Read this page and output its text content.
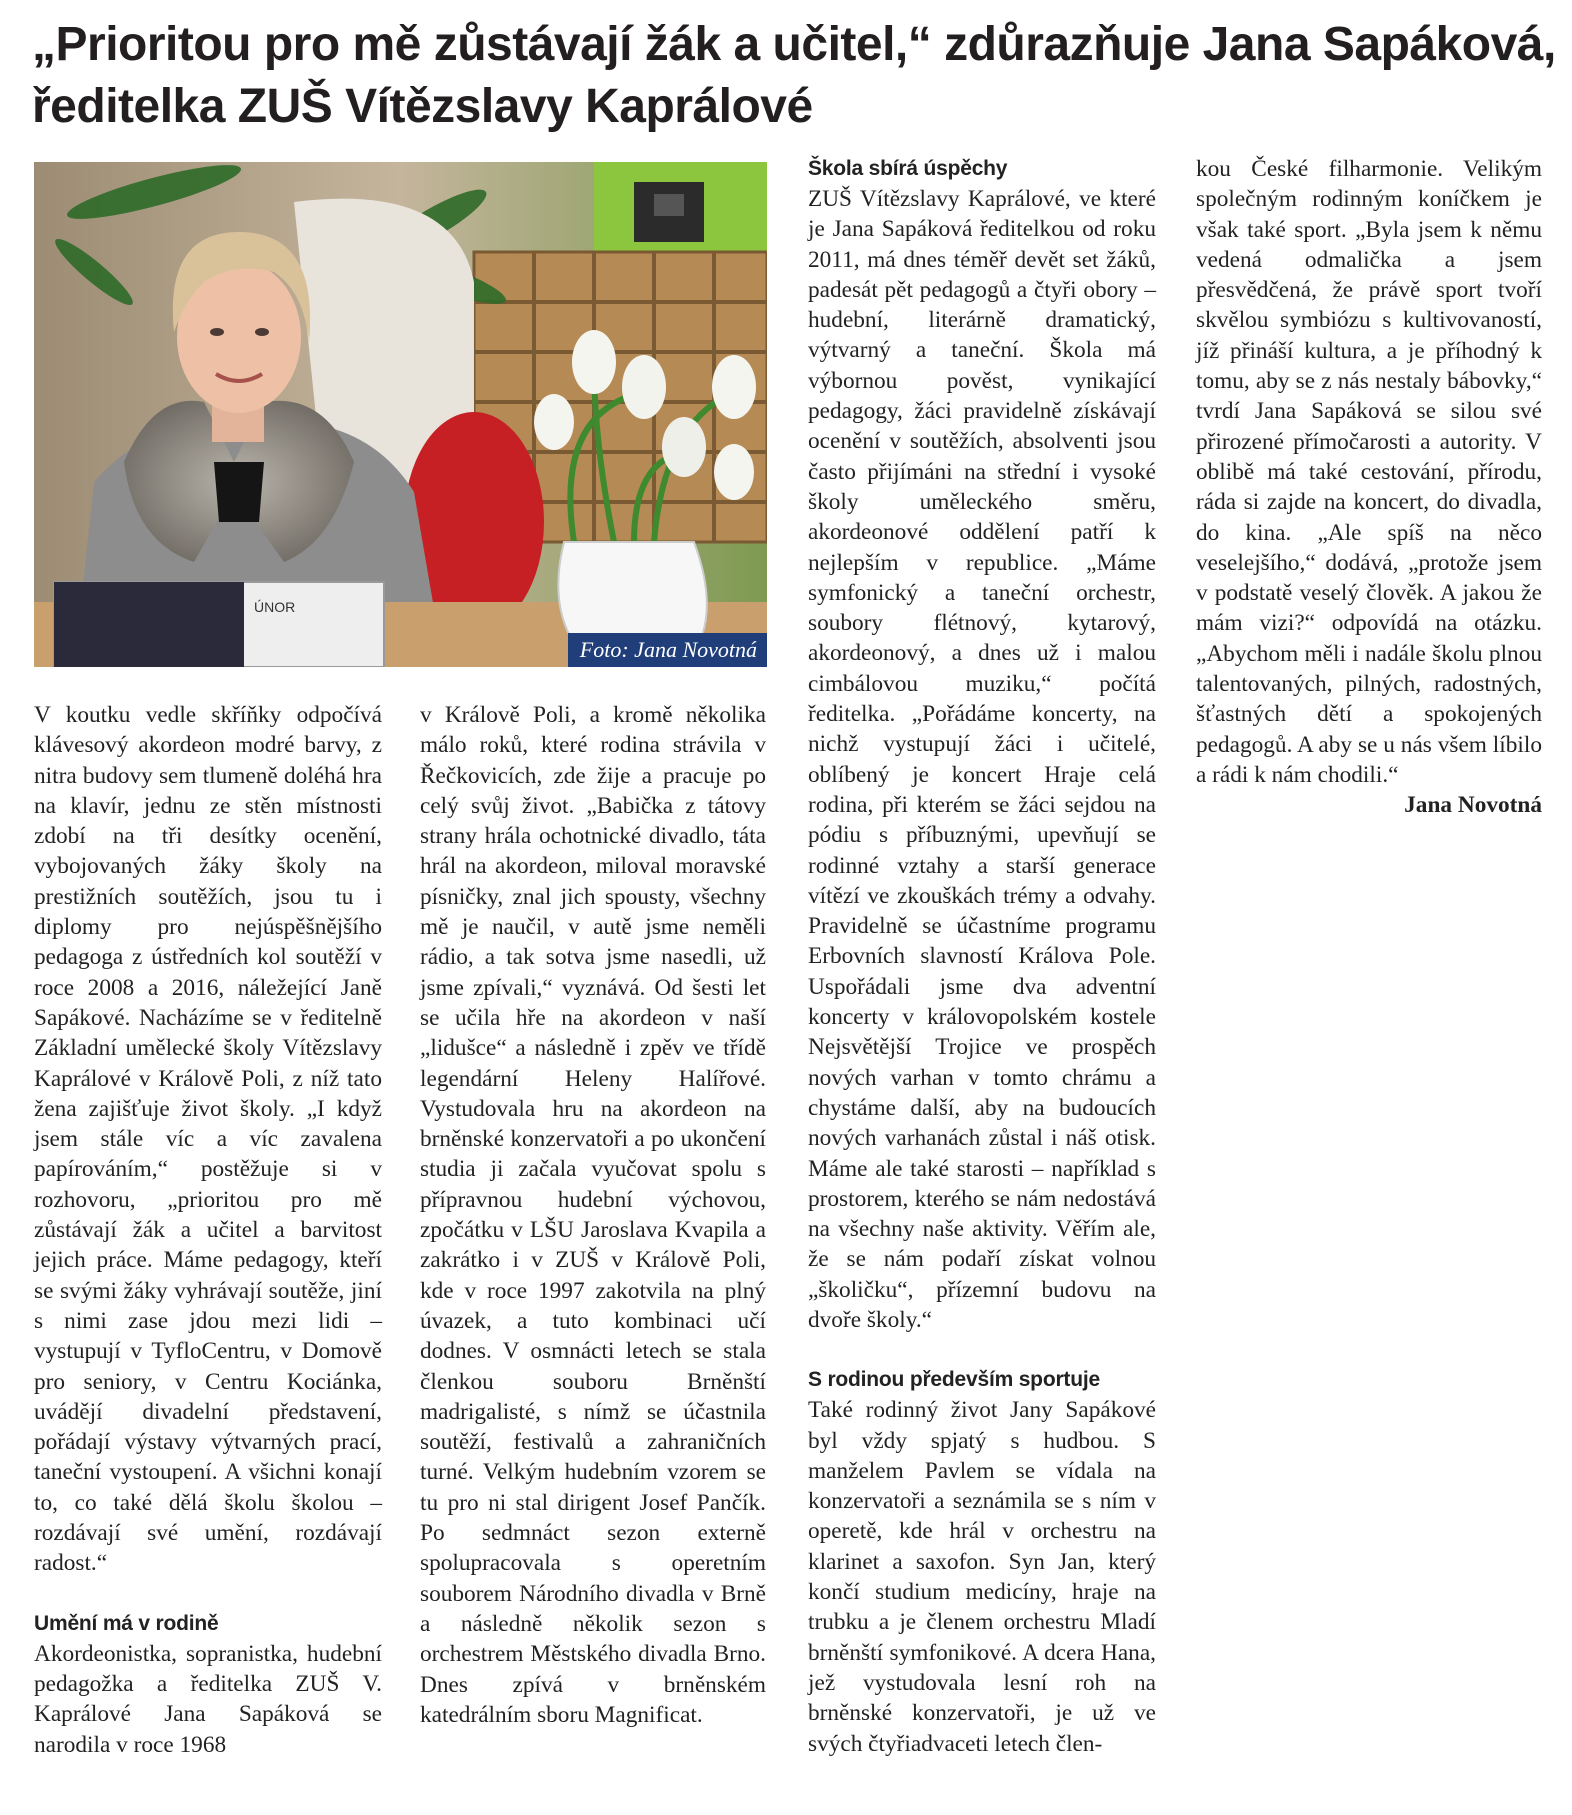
„Prioritou pro mě zůstávají žák a učitel,“ zdůrazňuje Jana Sapáková,
ředitelka ZUŠ Vítězslavy Kaprálové
ÚNOR
Foto: Jana Novotná

V koutku vedle skříňky odpočívá klávesový akordeon modré barvy, z nitra budovy sem tlumeně doléhá hra na klavír, jednu ze stěn místnosti zdobí na tři desítky ocenění, vybojovaných žáky školy na prestižních soutěžích, jsou tu i diplomy pro nejúspěšnějšího pedagoga z ústředních kol soutěží v roce 2008 a 2016, náležející Janě Sapákové. Nacházíme se v ředitelně Základní umělecké školy Vítězslavy Kaprálové v Králově Poli, z níž tato žena zajišťuje život školy. „I když jsem stále víc a víc zavalena papírováním,“ postěžuje si v rozhovoru, „prioritou pro mě zůstávají žák a učitel a barvitost jejich práce. Máme pedagogy, kteří se svými žáky vyhrávají soutěže, jiní s nimi zase jdou mezi lidi – vystupují v TyfloCentru, v Domově pro seniory, v Centru Kociánka, uvádějí divadelní představení, pořádají výstavy výtvarných prací, taneční vystoupení. A všichni konají to, co také dělá školu školou – rozdávají své umění, rozdávají radost.“

Umění má v rodině

Akordeonistka, sopranistka, hudební pedagožka a ředitelka ZUŠ V. Kaprálové Jana Sapáková se narodila v roce 1968

v Králově Poli, a kromě několika málo roků, které rodina strávila v Řečkovicích, zde žije a pracuje po celý svůj život. „Babička z tátovy strany hrála ochotnické divadlo, táta hrál na akordeon, miloval moravské písničky, znal jich spousty, všechny mě je naučil, v autě jsme neměli rádio, a tak sotva jsme nasedli, už jsme zpívali,“ vyznává. Od šesti let se učila hře na akordeon v naší „lidušce“ a následně i zpěv ve třídě legendární Heleny Halířové. Vystudovala hru na akordeon na brněnské konzervatoři a po ukončení studia ji začala vyučovat spolu s přípravnou hudební výchovou, zpočátku v LŠU Jaroslava Kvapila a zakrátko i v ZUŠ v Králově Poli, kde v roce 1997 zakotvila na plný úvazek, a tuto kombinaci učí dodnes. V osmnácti letech se stala členkou souboru Brněnští madrigalisté, s nímž se účastnila soutěží, festivalů a zahraničních turné. Velkým hudebním vzorem se tu pro ni stal dirigent Josef Pančík. Po sedmnáct sezon externě spolupracovala s operetním souborem Národního divadla v Brně a následně několik sezon s orchestrem Městského divadla Brno. Dnes zpívá v brněnském katedrálním sboru Magnificat.

Škola sbírá úspěchy

ZUŠ Vítězslavy Kaprálové, ve které je Jana Sapáková ředitelkou od roku 2011, má dnes téměř devět set žáků, padesát pět pedagogů a čtyři obory – hudební, literárně dramatický, výtvarný a taneční. Škola má výbornou pověst, vynikající pedagogy, žáci pravidelně získávají ocenění v soutěžích, absolventi jsou často přijímáni na střední i vysoké školy uměleckého směru, akordeonové oddělení patří k nejlepším v republice. „Máme symfonický a taneční orchestr, soubory flétnový, kytarový, akordeonový, a dnes už i malou cimbálovou muziku,“ počítá ředitelka. „Pořádáme koncerty, na nichž vystupují žáci i učitelé, oblíbený je koncert Hraje celá rodina, při kterém se žáci sejdou na pódiu s příbuznými, upevňují se rodinné vztahy a starší generace vítězí ve zkouškách trémy a odvahy. Pravidelně se účastníme programu Erbovních slavností Králova Pole. Uspořádali jsme dva adventní koncerty v královopolském kostele Nejsvětější Trojice ve prospěch nových varhan v tomto chrámu a chystáme další, aby na budoucích nových varhanách zůstal i náš otisk. Máme ale také starosti – například s prostorem, kterého se nám nedostává na všechny naše aktivity. Věřím ale, že se nám podaří získat volnou „školičku“, přízemní budovu na dvoře školy.“

S rodinou především sportuje

Také rodinný život Jany Sapákové byl vždy spjatý s hudbou. S manželem Pavlem se vídala na konzervatoři a seznámila se s ním v operetě, kde hrál v orchestru na klarinet a saxofon. Syn Jan, který končí studium medicíny, hraje na trubku a je členem orchestru Mladí brněnští symfonikové. A dcera Hana, jež vystudovala lesní roh na brněnské konzervatoři, je už ve svých čtyřiadvaceti letech člen-

kou České filharmonie. Velikým společným rodinným koníčkem je však také sport. „Byla jsem k němu vedená odmalička a jsem přesvědčená, že právě sport tvoří skvělou symbiózu s kultivovaností, jíž přináší kultura, a je příhodný k tomu, aby se z nás nestaly bábovky,“ tvrdí Jana Sapáková se silou své přirozené přímočarosti a autority. V oblibě má také cestování, přírodu, ráda si zajde na koncert, do divadla, do kina. „Ale spíš na něco veselejšího,“ dodává, „protože jsem v podstatě veselý člověk. A jakou že mám vizi?“ odpovídá na otázku. „Abychom měli i nadále školu plnou talentovaných, pilných, radostných, šťastných dětí a spokojených pedagogů. A aby se u nás všem líbilo a rádi k nám chodili.“

Jana Novotná
